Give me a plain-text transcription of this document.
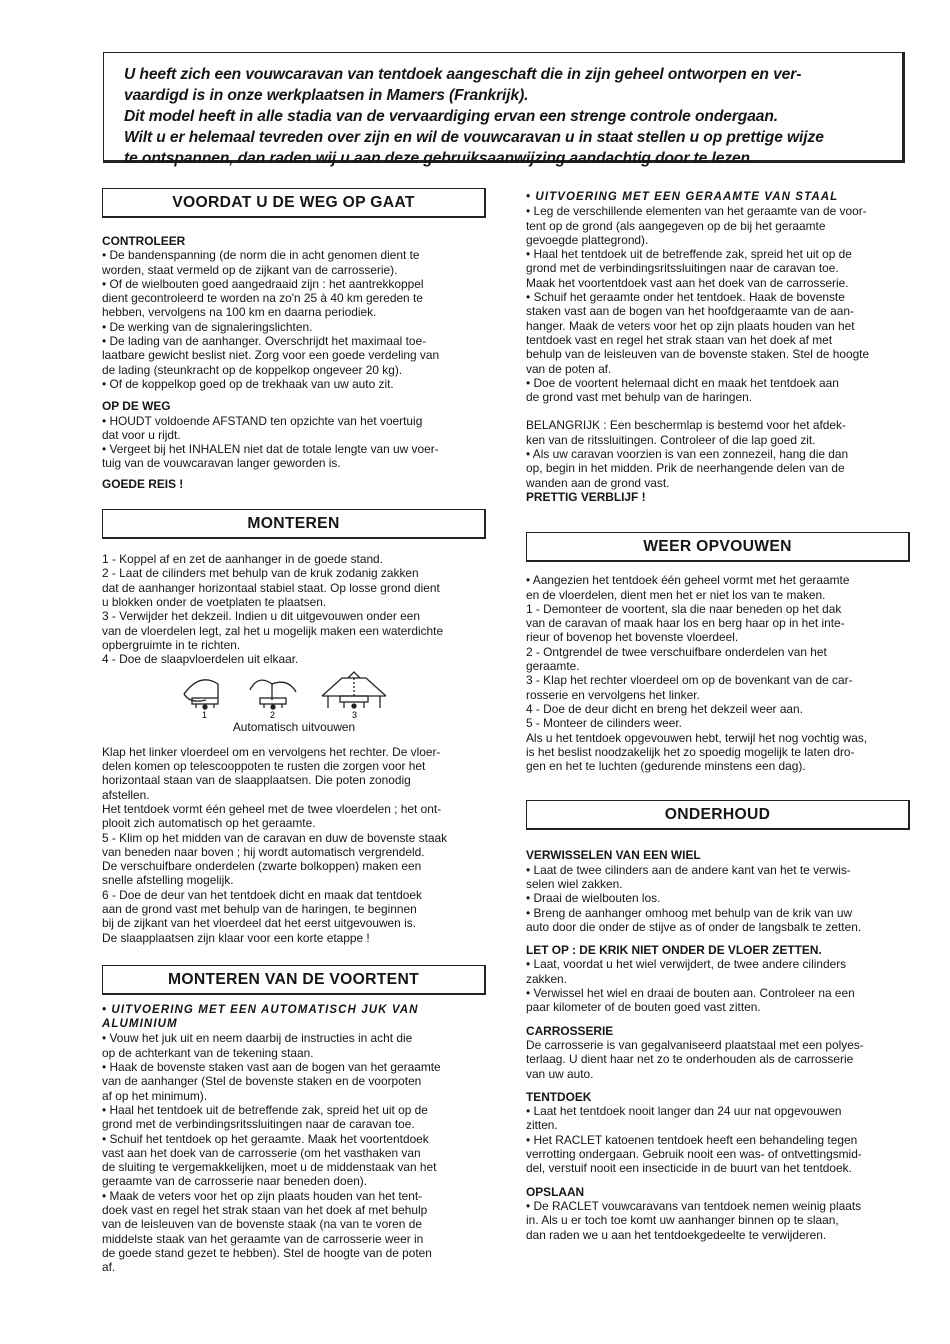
U heeft zich een vouwcaravan van tentdoek aangeschaft die in zijn geheel ontworpen en ver-

vaardigd is in onze werkplaatsen in Mamers (Frankrijk).

Dit model heeft in alle stadia van de vervaardiging ervan een strenge controle ondergaan.

Wilt u er helemaal tevreden over zijn en wil de vouwcaravan u in staat stellen u op prettige wijze

te ontspannen, dan raden wij u aan deze gebruiksaanwijzing aandachtig door te lezen.

VOORDAT U DE WEG OP GAAT

CONTROLEER

• De bandenspanning (de norm die in acht genomen dient te

worden, staat vermeld op de zijkant van de carrosserie).

• Of de wielbouten goed aangedraaid zijn : het aantrekkoppel

dient gecontroleerd te worden na zo'n 25 à 40 km gereden te

hebben, vervolgens na 100 km en daarna periodiek.

• De werking van de signaleringslichten.

• De lading van de aanhanger. Overschrijdt het maximaal toe-

laatbare gewicht beslist niet. Zorg voor een goede verdeling van

de lading (steunkracht op de koppelkop ongeveer 20 kg).

• Of de koppelkop goed op de trekhaak van uw auto zit.

OP DE WEG

• HOUDT voldoende AFSTAND ten opzichte van het voertuig

dat voor u rijdt.

• Vergeet bij het INHALEN niet dat de totale lengte van uw voer-

tuig van de vouwcaravan langer geworden is.

GOEDE REIS !

MONTEREN

1 - Koppel af en zet de aanhanger in de goede stand.

2 - Laat de cilinders met behulp van de kruk zodanig zakken

dat de aanhanger horizontaal stabiel staat. Op losse grond dient

u blokken onder de voetplaten te plaatsen.

3 - Verwijder het dekzeil. Indien u dit uitgevouwen onder een

van de vloerdelen legt, zal het u mogelijk maken een waterdichte

opbergruimte in te richten.

4 - Doe de slaapvloerdelen uit elkaar.

1	2	3

Automatisch uitvouwen

Klap het linker vloerdeel om en vervolgens het rechter. De vloer-

delen komen op telescooppoten te rusten die zorgen voor het

horizontaal staan van de slaapplaatsen. Die poten zonodig

afstellen.

Het tentdoek vormt één geheel met de twee vloerdelen ; het ont-

plooit zich automatisch op het geraamte.

5 - Klim op het midden van de caravan en duw de bovenste staak

van beneden naar boven ; hij wordt automatisch vergrendeld.

De verschuifbare onderdelen (zwarte bolkoppen) maken een

snelle afstelling mogelijk.

6 - Doe de deur van het tentdoek dicht en maak dat tentdoek

aan de grond vast met behulp van de haringen, te beginnen

bij de zijkant van het vloerdeel dat het eerst uitgevouwen is.

De slaapplaatsen zijn klaar voor een korte etappe !

MONTEREN VAN DE VOORTENT

• UITVOERING MET EEN AUTOMATISCH JUK VAN

ALUMINIUM

• Vouw het juk uit en neem daarbij de instructies in acht die

op de achterkant van de tekening staan.

• Haak de bovenste staken vast aan de bogen van het geraamte

van de aanhanger (Stel de bovenste staken en de voorpoten

af op het minimum).

• Haal het tentdoek uit de betreffende zak, spreid het uit op de

grond met de verbindingsritssluitingen naar de caravan toe.

• Schuif het tentdoek op het geraamte. Maak het voortentdoek

vast aan het doek van de carrosserie (om het vasthaken van

de sluiting te vergemakkelijken, moet u de middenstaak van het

geraamte van de carrosserie naar beneden doen).

• Maak de veters voor het op zijn plaats houden van het tent-

doek vast en regel het strak staan van het doek af met behulp

van de leisleuven van de bovenste staak (na van te voren de

middelste staak van het geraamte van de carrosserie weer in

de goede stand gezet te hebben). Stel de hoogte van de poten

af.

• UITVOERING MET EEN GERAAMTE VAN STAAL

• Leg de verschillende elementen van het geraamte van de voor-

tent op de grond (als aangegeven op de bij het geraamte

gevoegde plattegrond).

• Haal het tentdoek uit de betreffende zak, spreid het uit op de

grond met de verbindingsritssluitingen naar de caravan toe.

Maak het voortentdoek vast aan het doek van de carrosserie.

• Schuif het geraamte onder het tentdoek. Haak de bovenste

staken vast aan de bogen van het hoofdgeraamte van de aan-

hanger. Maak de veters voor het op zijn plaats houden van het

tentdoek vast en regel het strak staan van het doek af met

behulp van de leisleuven van de bovenste staken. Stel de hoogte

van de poten af.

• Doe de voortent helemaal dicht en maak het tentdoek aan

de grond vast met behulp van de haringen.

BELANGRIJK : Een beschermlap is bestemd voor het afdek-

ken van de ritssluitingen. Controleer of die lap goed zit.

• Als uw caravan voorzien is van een zonnezeil, hang die dan

op, begin in het midden. Prik de neerhangende delen van de

wanden aan de grond vast.

PRETTIG VERBLIJF !

WEER OPVOUWEN

• Aangezien het tentdoek één geheel vormt met het geraamte

en de vloerdelen, dient men het er niet los van te maken.

1 - Demonteer de voortent, sla die naar beneden op het dak

van de caravan of maak haar los en berg haar op in het inte-

rieur of bovenop het bovenste vloerdeel.

2 - Ontgrendel de twee verschuifbare onderdelen van het

geraamte.

3 - Klap het rechter vloerdeel om op de bovenkant van de car-

rosserie en vervolgens het linker.

4 - Doe de deur dicht en breng het dekzeil weer aan.

5 - Monteer de cilinders weer.

Als u het tentdoek opgevouwen hebt, terwijl het nog vochtig was,

is het beslist noodzakelijk het zo spoedig mogelijk te laten dro-

gen en het te luchten (gedurende minstens een dag).

ONDERHOUD

VERWISSELEN VAN EEN WIEL

• Laat de twee cilinders aan de andere kant van het te verwis-

selen wiel zakken.

• Draai de wielbouten los.

• Breng de aanhanger omhoog met behulp van de krik van uw

auto door die onder de stijve as of onder de langsbalk te zetten.

LET OP : DE KRIK NIET ONDER DE VLOER ZETTEN.

• Laat, voordat u het wiel verwijdert, de twee andere cilinders

zakken.

• Verwissel het wiel en draai de bouten aan. Controleer na een

paar kilometer of de bouten goed vast zitten.

CARROSSERIE

De carrosserie is van gegalvaniseerd plaatstaal met een polyes-

terlaag. U dient haar net zo te onderhouden als de carrosserie

van uw auto.

TENTDOEK

• Laat het tentdoek nooit langer dan 24 uur nat opgevouwen

zitten.

• Het RACLET katoenen tentdoek heeft een behandeling tegen

verrotting ondergaan. Gebruik nooit een was- of ontvettingsmid-

del, verstuif nooit een insecticide in de buurt van het tentdoek.

OPSLAAN

• De RACLET vouwcaravans van tentdoek nemen weinig plaats

in. Als u er toch toe komt uw aanhanger binnen op te slaan,

dan raden we u aan het tentdoekgedeelte te verwijderen.
